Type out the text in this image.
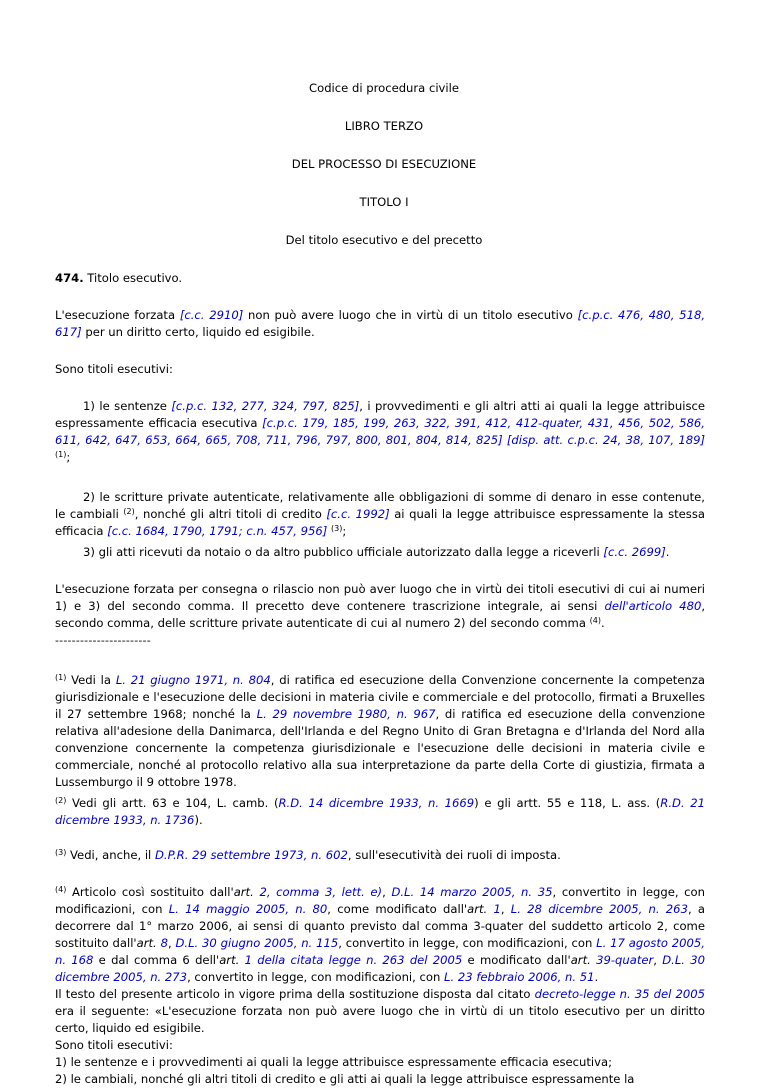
Codice di procedura civile
LIBRO TERZO
DEL PROCESSO DI ESECUZIONE
TITOLO I
Del titolo esecutivo e del precetto
474. Titolo esecutivo.
L'esecuzione forzata [c.c. 2910] non può avere luogo che in virtù di un titolo esecutivo [c.p.c. 476, 480, 518, 617] per un diritto certo, liquido ed esigibile.
Sono titoli esecutivi:
1) le sentenze [c.p.c. 132, 277, 324, 797, 825], i provvedimenti e gli altri atti ai quali la legge attribuisce espressamente efficacia esecutiva [c.p.c. 179, 185, 199, 263, 322, 391, 412, 412-quater, 431, 456, 502, 586, 611, 642, 647, 653, 664, 665, 708, 711, 796, 797, 800, 801, 804, 814, 825] [disp. att. c.p.c. 24, 38, 107, 189] $^{(1)}$;
2) le scritture private autenticate, relativamente alle obbligazioni di somme di denaro in esse contenute, le cambiali $^{(2)}$, nonché gli altri titoli di credito [c.c. 1992] ai quali la legge attribuisce espressamente la stessa efficacia [c.c. 1684, 1790, 1791; c.n. 457, 956] $^{(3)}$;
3) gli atti ricevuti da notaio o da altro pubblico ufficiale autorizzato dalla legge a riceverli [c.c. 2699].
L'esecuzione forzata per consegna o rilascio non può aver luogo che in virtù dei titoli esecutivi di cui ai numeri 1) e 3) del secondo comma. Il precetto deve contenere trascrizione integrale, ai sensi dell'articolo 480, secondo comma, delle scritture private autenticate di cui al numero 2) del secondo comma $^{(4)}$.
-----------------------
$^{(1)}$ Vedi la L. 21 giugno 1971, n. 804, di ratifica ed esecuzione della Convenzione concernente la competenza giurisdizionale e l'esecuzione delle decisioni in materia civile e commerciale e del protocollo, firmati a Bruxelles il 27 settembre 1968; nonché la L. 29 novembre 1980, n. 967, di ratifica ed esecuzione della convenzione relativa all'adesione della Danimarca, dell'Irlanda e del Regno Unito di Gran Bretagna e d'Irlanda del Nord alla convenzione concernente la competenza giurisdizionale e l'esecuzione delle decisioni in materia civile e commerciale, nonché al protocollo relativo alla sua interpretazione da parte della Corte di giustizia, firmata a Lussemburgo il 9 ottobre 1978.
$^{(2)}$ Vedi gli artt. 63 e 104, L. camb. (R.D. 14 dicembre 1933, n. 1669) e gli artt. 55 e 118, L. ass. (R.D. 21 dicembre 1933, n. 1736).
$^{(3)}$ Vedi, anche, il D.P.R. 29 settembre 1973, n. 602, sull'esecutività dei ruoli di imposta.
$^{(4)}$ Articolo così sostituito dall'art. 2, comma 3, lett. e), D.L. 14 marzo 2005, n. 35, convertito in legge, con modificazioni, con L. 14 maggio 2005, n. 80, come modificato dall'art. 1, L. 28 dicembre 2005, n. 263, a decorrere dal 1° marzo 2006, ai sensi di quanto previsto dal comma 3-quater del suddetto articolo 2, come sostituito dall'art. 8, D.L. 30 giugno 2005, n. 115, convertito in legge, con modificazioni, con L. 17 agosto 2005, n. 168 e dal comma 6 dell'art. 1 della citata legge n. 263 del 2005 e modificato dall'art. 39-quater, D.L. 30 dicembre 2005, n. 273, convertito in legge, con modificazioni, con L. 23 febbraio 2006, n. 51.
Il testo del presente articolo in vigore prima della sostituzione disposta dal citato decreto-legge n. 35 del 2005 era il seguente: «L'esecuzione forzata non può avere luogo che in virtù di un titolo esecutivo per un diritto certo, liquido ed esigibile.
Sono titoli esecutivi:
1) le sentenze e i provvedimenti ai quali la legge attribuisce espressamente efficacia esecutiva;
2) le cambiali, nonché gli altri titoli di credito e gli atti ai quali la legge attribuisce espressamente la
